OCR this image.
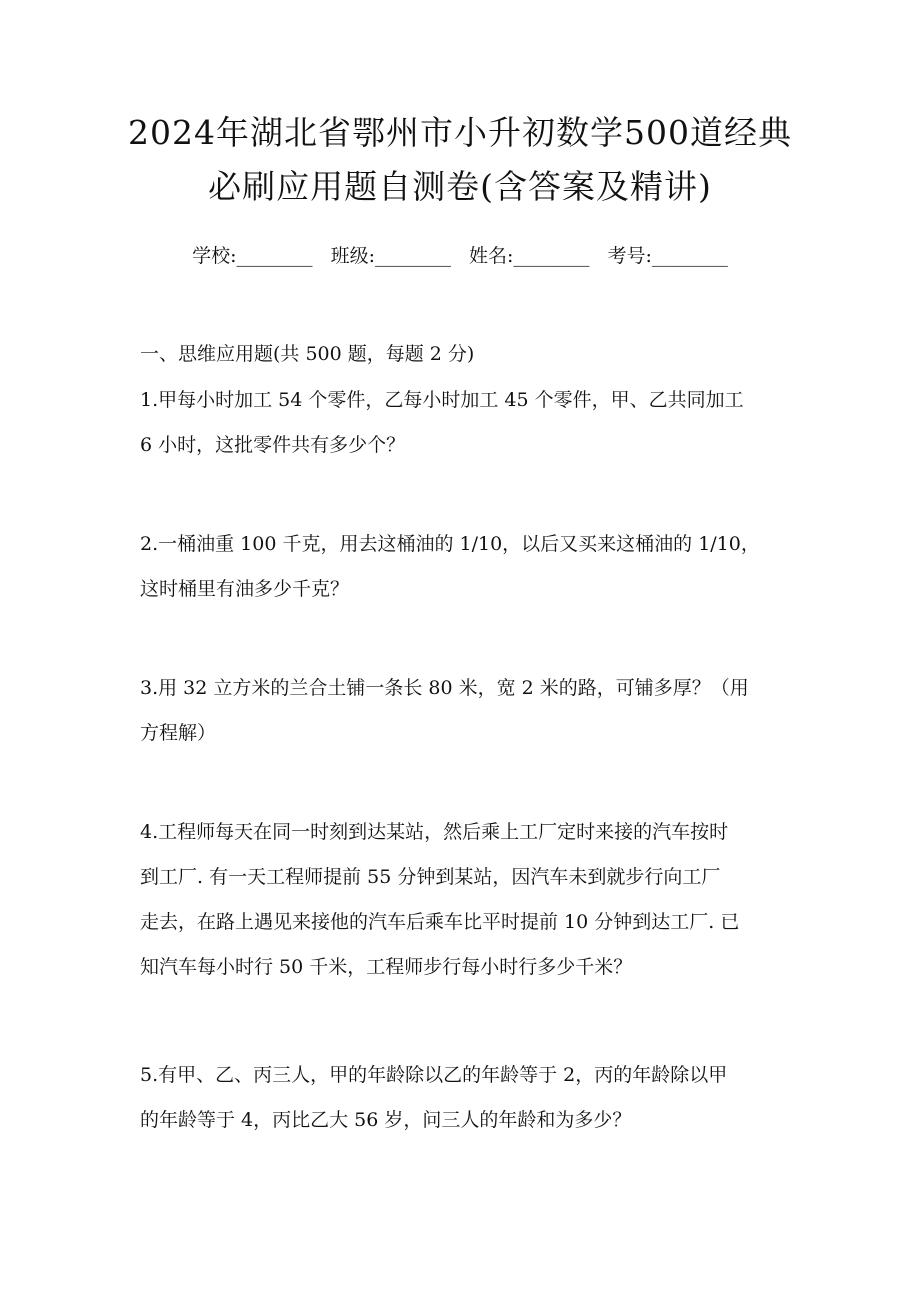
2024年湖北省鄂州市小升初数学500道经典
必刷应用题自测卷(含答案及精讲)
学校:________ 班级:________ 姓名:________ 考号:________
一、思维应用题(共 500 题，每题 2 分)
1.甲每小时加工 54 个零件，乙每小时加工 45 个零件，甲、乙共同加工
6 小时，这批零件共有多少个？
2.一桶油重 100 千克，用去这桶油的 1/10，以后又买来这桶油的 1/10，
这时桶里有油多少千克？
3.用 32 立方米的兰合土铺一条长 80 米，宽 2 米的路，可铺多厚？（用
方程解）
4.工程师每天在同一时刻到达某站，然后乘上工厂定时来接的汽车按时
到工厂. 有一天工程师提前 55 分钟到某站，因汽车未到就步行向工厂
走去，在路上遇见来接他的汽车后乘车比平时提前 10 分钟到达工厂. 已
知汽车每小时行 50 千米，工程师步行每小时行多少千米？
5.有甲、乙、丙三人，甲的年龄除以乙的年龄等于 2，丙的年龄除以甲
的年龄等于 4，丙比乙大 56 岁，问三人的年龄和为多少？
